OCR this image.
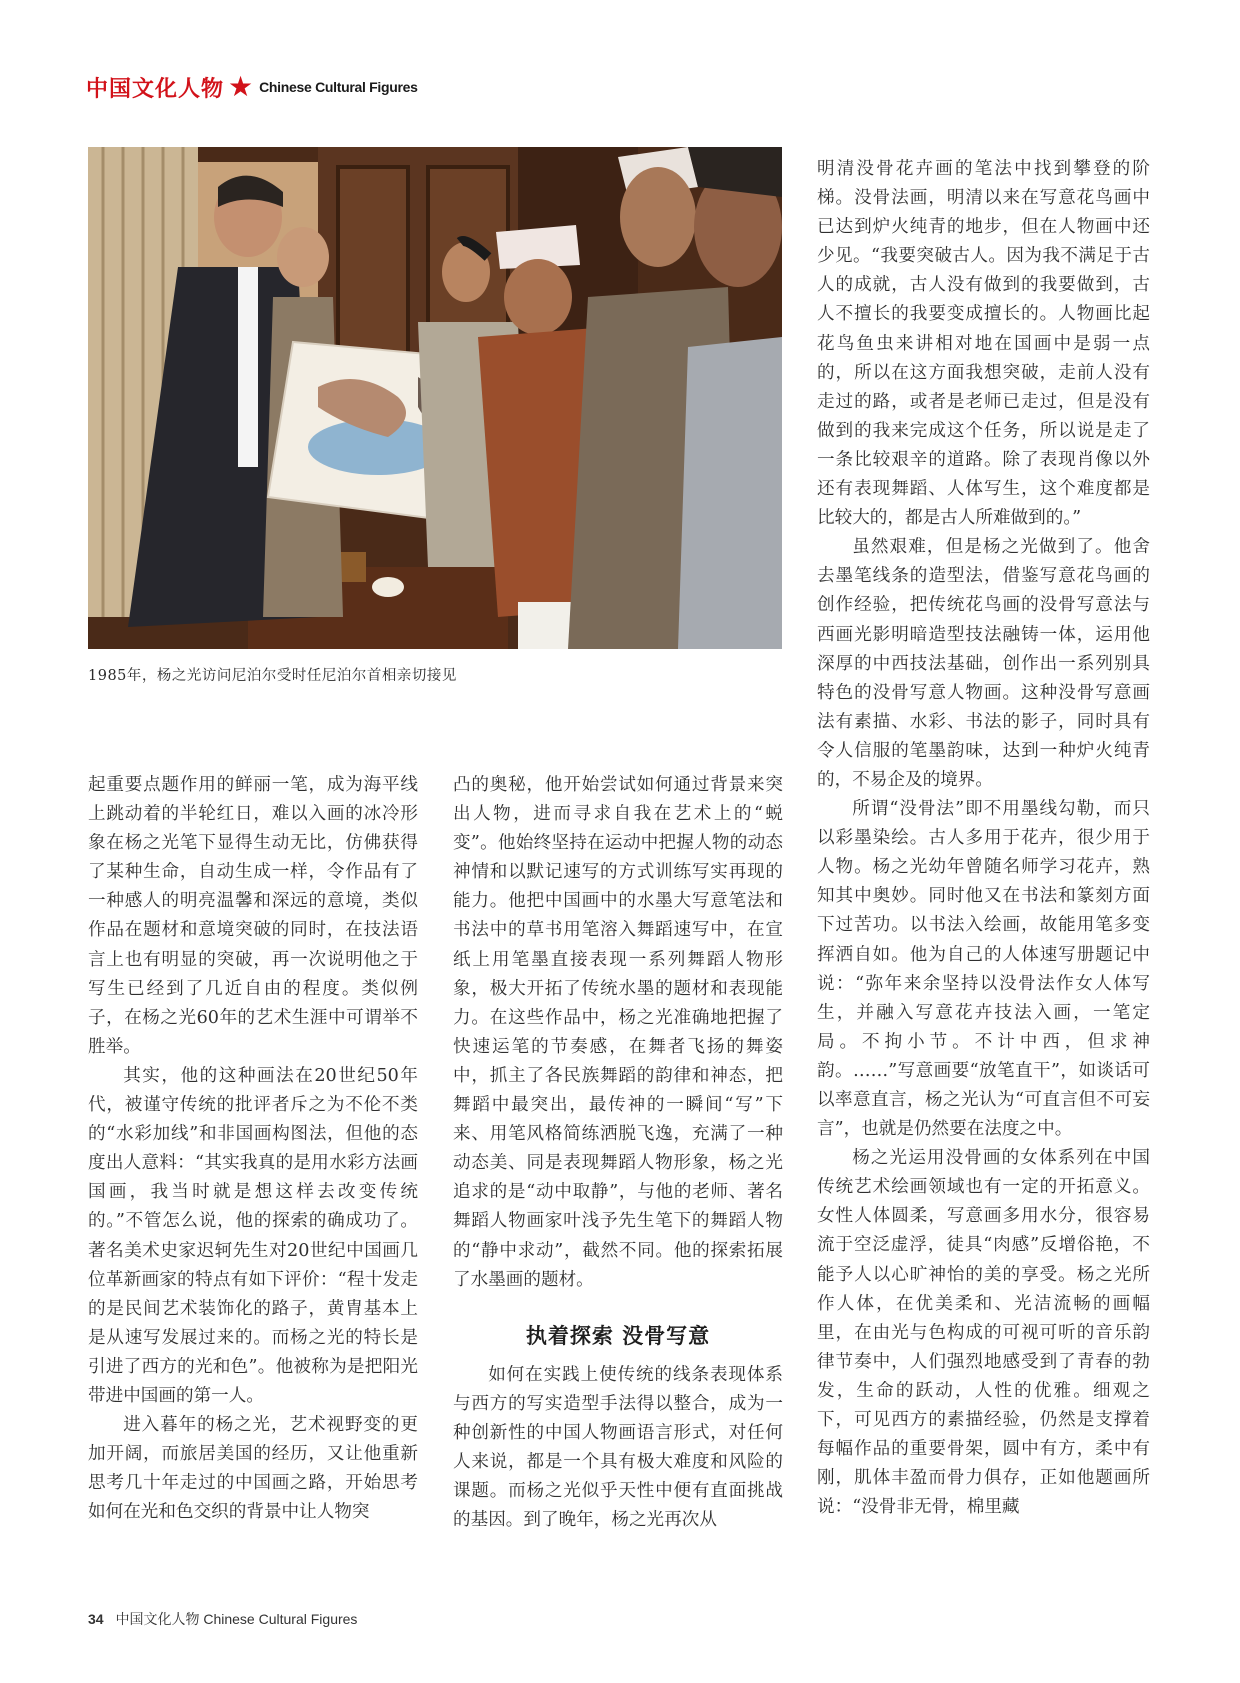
中国文化人物 ★ Chinese Cultural Figures
1985年，杨之光访问尼泊尔受时任尼泊尔首相亲切接见

起重要点题作用的鲜丽一笔，成为海平线上跳动着的半轮红日，难以入画的冰冷形象在杨之光笔下显得生动无比，仿佛获得了某种生命，自动生成一样，令作品有了一种感人的明亮温馨和深远的意境，类似作品在题材和意境突破的同时，在技法语言上也有明显的突破，再一次说明他之于写生已经到了几近自由的程度。类似例子，在杨之光60年的艺术生涯中可谓举不胜举。

其实，他的这种画法在20世纪50年代，被谨守传统的批评者斥之为不伦不类的“水彩加线”和非国画构图法，但他的态度出人意料：“其实我真的是用水彩方法画国画，我当时就是想这样去改变传统的。”不管怎么说，他的探索的确成功了。著名美术史家迟轲先生对20世纪中国画几位革新画家的特点有如下评价：“程十发走的是民间艺术装饰化的路子，黄胄基本上是从速写发展过来的。而杨之光的特长是引进了西方的光和色”。他被称为是把阳光带进中国画的第一人。

进入暮年的杨之光，艺术视野变的更加开阔，而旅居美国的经历，又让他重新思考几十年走过的中国画之路，开始思考如何在光和色交织的背景中让人物突

凸的奥秘，他开始尝试如何通过背景来突出人物，进而寻求自我在艺术上的“蜕变”。他始终坚持在运动中把握人物的动态神情和以默记速写的方式训练写实再现的能力。他把中国画中的水墨大写意笔法和书法中的草书用笔溶入舞蹈速写中，在宣纸上用笔墨直接表现一系列舞蹈人物形象，极大开拓了传统水墨的题材和表现能力。在这些作品中，杨之光准确地把握了快速运笔的节奏感，在舞者飞扬的舞姿中，抓主了各民族舞蹈的韵律和神态，把舞蹈中最突出，最传神的一瞬间“写”下来、用笔风格简练洒脱飞逸，充满了一种动态美、同是表现舞蹈人物形象，杨之光追求的是“动中取静”，与他的老师、著名舞蹈人物画家叶浅予先生笔下的舞蹈人物的“静中求动”，截然不同。他的探索拓展了水墨画的题材。

执着探索 没骨写意

如何在实践上使传统的线条表现体系与西方的写实造型手法得以整合，成为一种创新性的中国人物画语言形式，对任何人来说，都是一个具有极大难度和风险的课题。而杨之光似乎天性中便有直面挑战的基因。到了晚年，杨之光再次从

明清没骨花卉画的笔法中找到攀登的阶梯。没骨法画，明清以来在写意花鸟画中已达到炉火纯青的地步，但在人物画中还少见。“我要突破古人。因为我不满足于古人的成就，古人没有做到的我要做到，古人不擅长的我要变成擅长的。人物画比起花鸟鱼虫来讲相对地在国画中是弱一点的，所以在这方面我想突破，走前人没有走过的路，或者是老师已走过，但是没有做到的我来完成这个任务，所以说是走了一条比较艰辛的道路。除了表现肖像以外还有表现舞蹈、人体写生，这个难度都是比较大的，都是古人所难做到的。”

虽然艰难，但是杨之光做到了。他舍去墨笔线条的造型法，借鉴写意花鸟画的创作经验，把传统花鸟画的没骨写意法与西画光影明暗造型技法融铸一体，运用他深厚的中西技法基础，创作出一系列别具特色的没骨写意人物画。这种没骨写意画法有素描、水彩、书法的影子，同时具有令人信服的笔墨韵味，达到一种炉火纯青的，不易企及的境界。

所谓“没骨法”即不用墨线勾勒，而只以彩墨染绘。古人多用于花卉，很少用于人物。杨之光幼年曾随名师学习花卉，熟知其中奥妙。同时他又在书法和篆刻方面下过苦功。以书法入绘画，故能用笔多变挥洒自如。他为自己的人体速写册题记中说：“弥年来余坚持以没骨法作女人体写生，并融入写意花卉技法入画，一笔定局。不拘小节。不计中西，但求神韵。……”写意画要“放笔直干”，如谈话可以率意直言，杨之光认为“可直言但不可妄言”，也就是仍然要在法度之中。

杨之光运用没骨画的女体系列在中国传统艺术绘画领域也有一定的开拓意义。女性人体圆柔，写意画多用水分，很容易流于空泛虚浮，徒具“肉感”反增俗艳，不能予人以心旷神怡的美的享受。杨之光所作人体，在优美柔和、光洁流畅的画幅里，在由光与色构成的可视可听的音乐韵律节奏中，人们强烈地感受到了青春的勃发，生命的跃动，人性的优雅。细观之下，可见西方的素描经验，仍然是支撑着每幅作品的重要骨架，圆中有方，柔中有刚，肌体丰盈而骨力俱存，正如他题画所说：“没骨非无骨，棉里藏

34 中国文化人物 Chinese Cultural Figures
